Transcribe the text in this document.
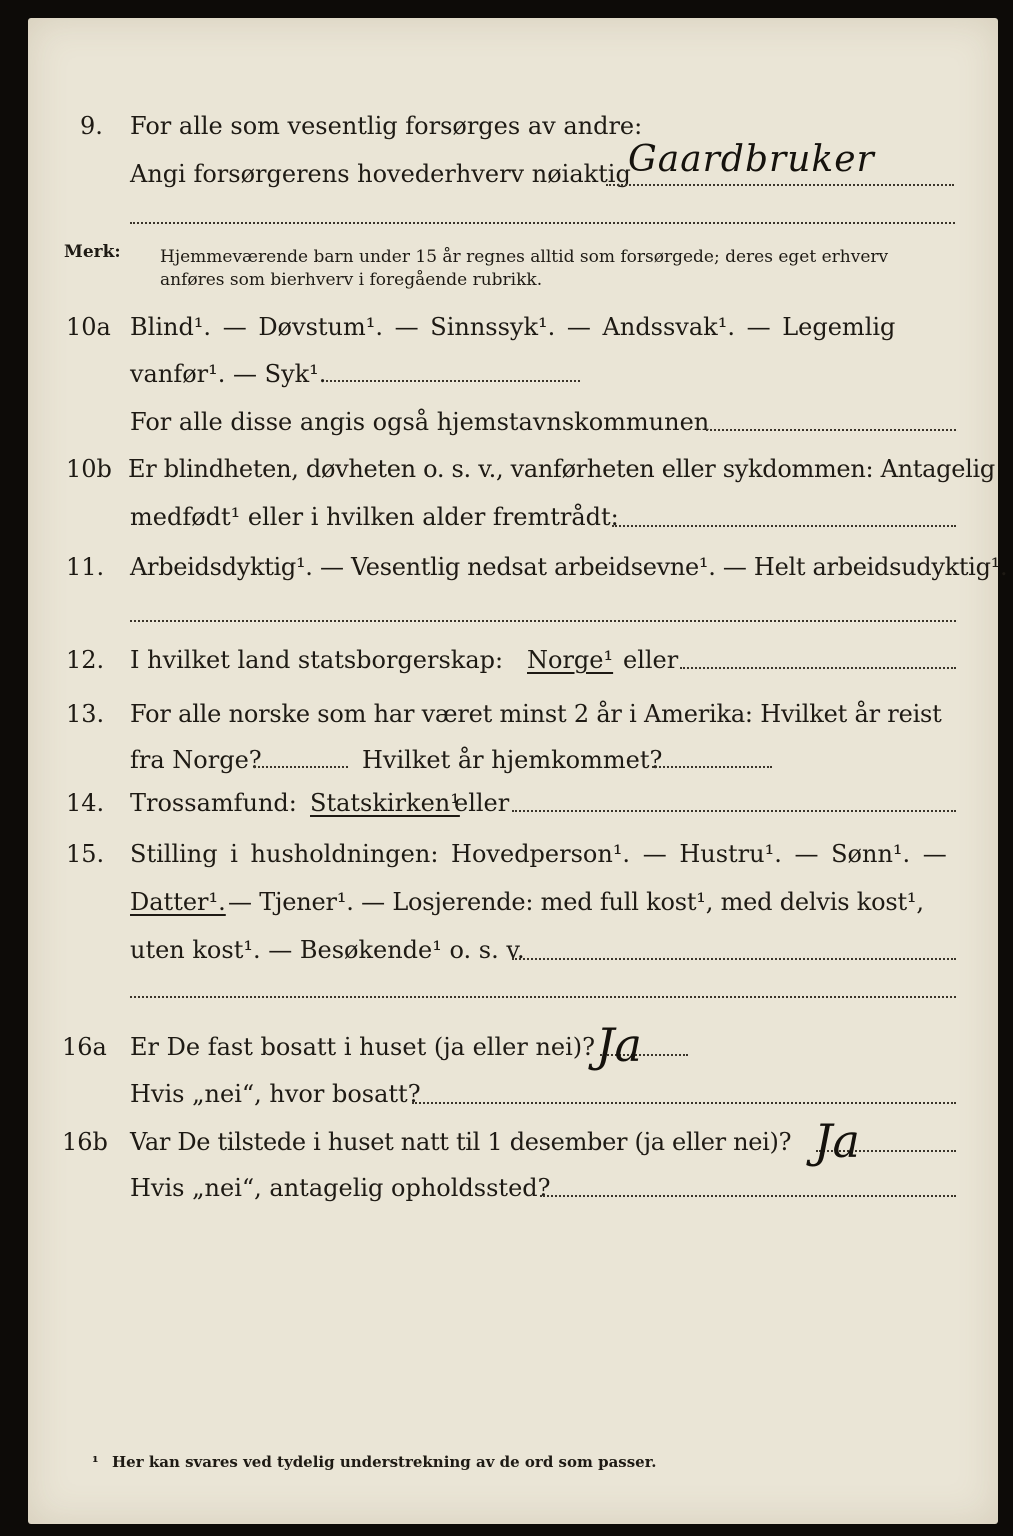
9. For alle som vesentlig forsørges av andre:
Angi forsørgerens hovederhverv nøiaktig
Gaardbruker
Merk: Hjemmeværende barn under 15 år regnes alltid som forsørgede; deres eget erhverv
anføres som bierhverv i foregående rubrikk.
10a Blind¹. — Døvstum¹. — Sinnssyk¹. — Andssvak¹. — Legemlig
vanfør¹. — Syk¹.
For alle disse angis også hjemstavnskommunen
10b Er blindheten, døvheten o. s. v., vanførheten eller sykdommen: Antagelig
medfødt¹ eller i hvilken alder fremtrådt:
11. Arbeidsdyktig¹. — Vesentlig nedsat arbeidsevne¹. — Helt arbeidsudyktig¹.
12. I hvilket land statsborgerskap: Norge¹ eller
13. For alle norske som har været minst 2 år i Amerika: Hvilket år reist
fra Norge?	Hvilket år hjemkommet?
14. Trossamfund: Statskirken¹
eller
15. Stilling i husholdningen: Hovedperson¹. — Hustru¹. — Sønn¹. —
Datter¹. — Tjener¹. — Losjerende: med full kost¹, med delvis kost¹,
uten kost¹. — Besøkende¹ o. s. v.
16a Er De fast bosatt i huset (ja eller nei)? Ja
Hvis „nei“, hvor bosatt?
16b Var De tilstede i huset natt til 1 desember (ja eller nei)? Ja
Hvis „nei“, antagelig opholdssted?
¹ Her kan svares ved tydelig understrekning av de ord som passer.
